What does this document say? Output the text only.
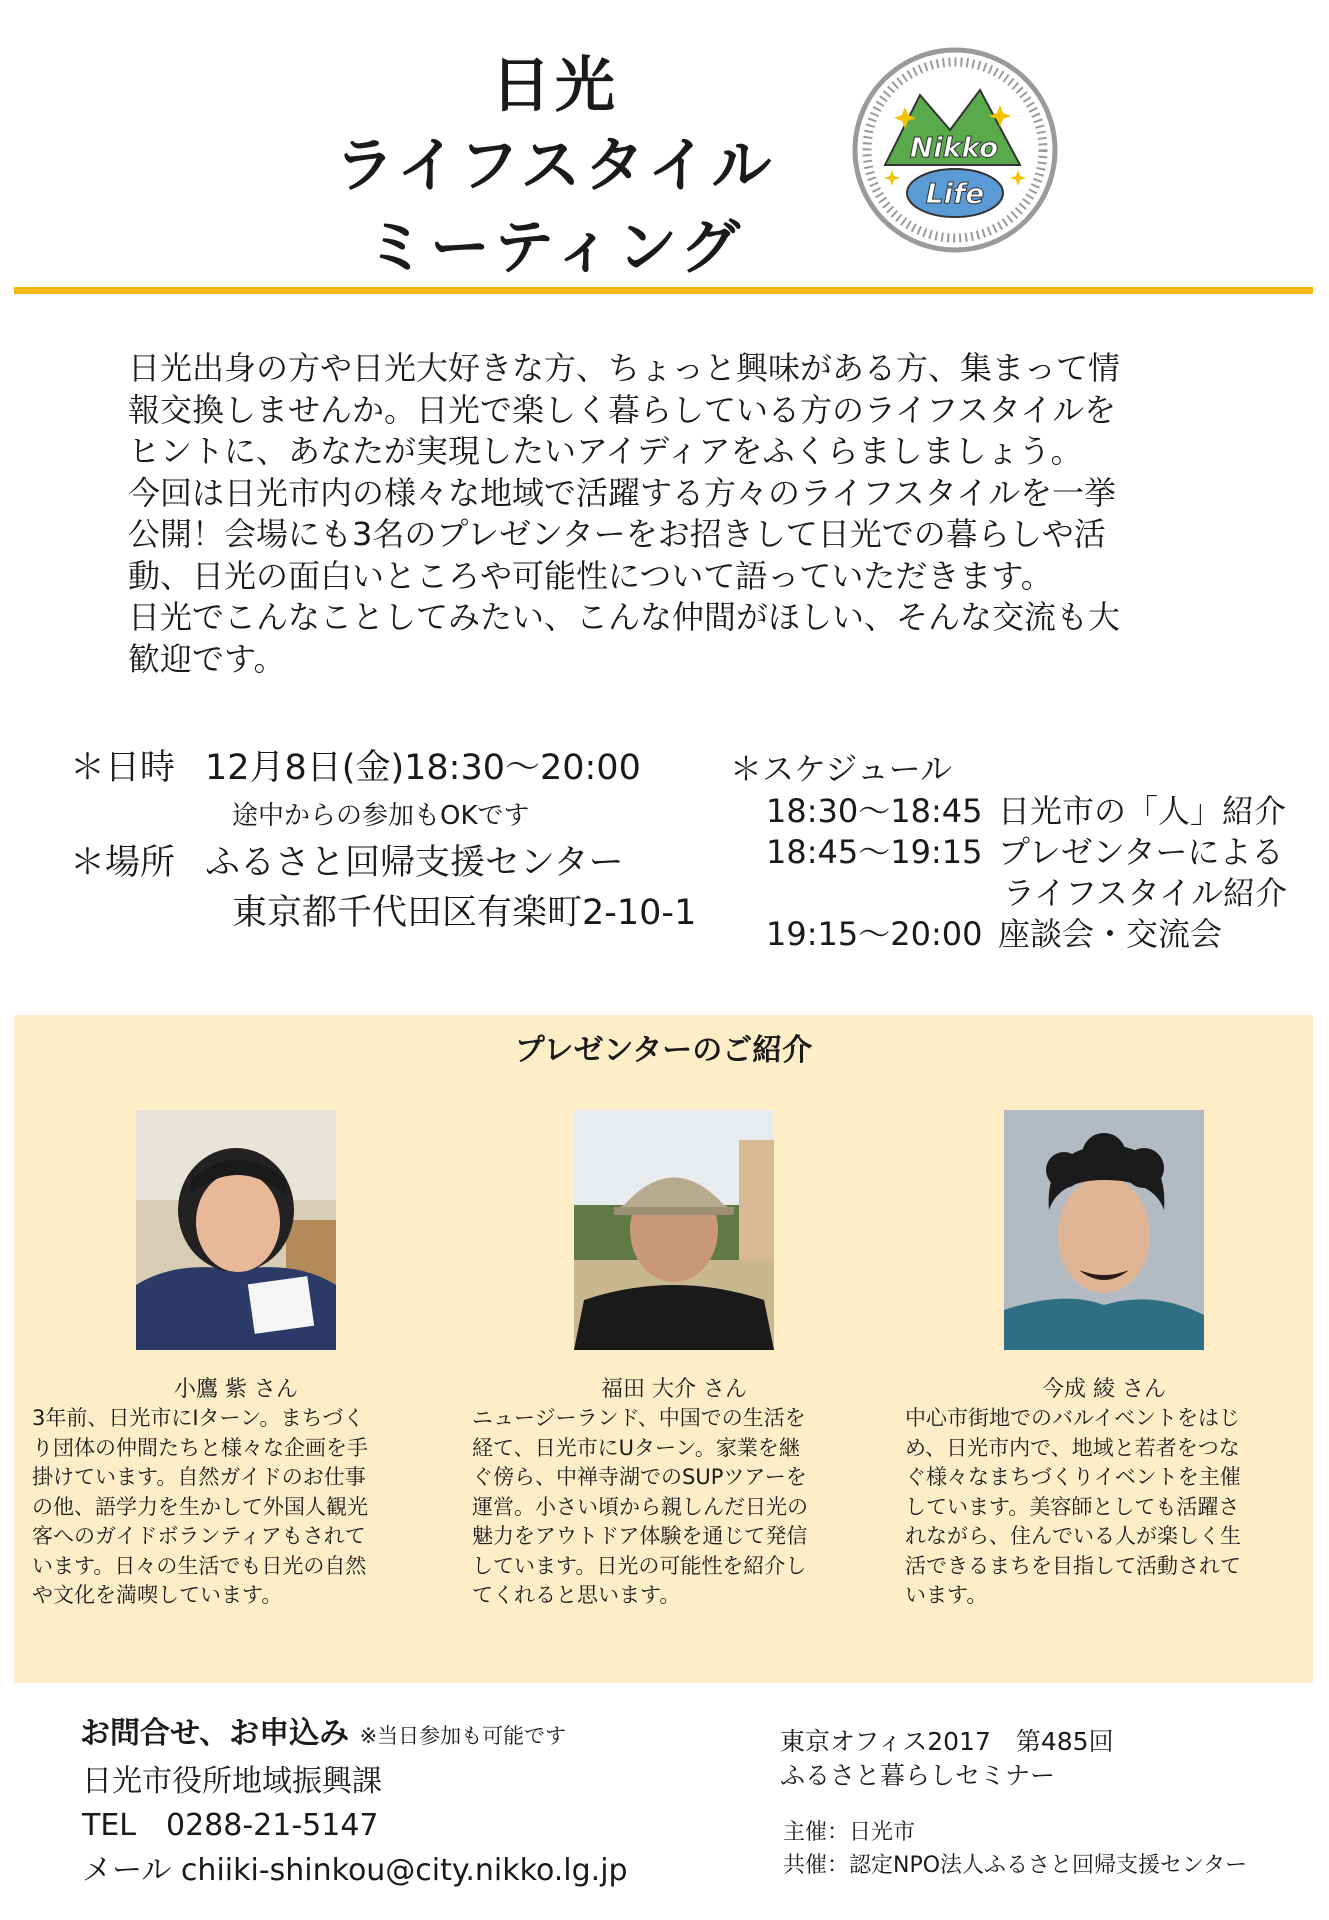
日光
ライフスタイル
ミーティング
Nikko
Life
日光出身の方や日光大好きな方、ちょっと興味がある方、集まって情
報交換しませんか。日光で楽しく暮らしている方のライフスタイルを
ヒントに、あなたが実現したいアイディアをふくらましましょう。
今回は日光市内の様々な地域で活躍する方々のライフスタイルを一挙
公開！会場にも3名のプレゼンターをお招きして日光での暮らしや活
動、日光の面白いところや可能性について語っていただきます。
日光でこんなことしてみたい、こんな仲間がほしい、そんな交流も大
歓迎です。
＊日時 12月8日(金)18:30～20:00
途中からの参加もOKです
＊場所 ふるさと回帰支援センター
東京都千代田区有楽町2-10-1
＊スケジュール
18:30～18:45 日光市の「人」紹介
18:45～19:15 プレゼンターによる
ライフスタイル紹介
19:15～20:00 座談会・交流会
プレゼンターのご紹介
小鷹 紫 さん	福田 大介 さん	今成 綾 さん
3年前、日光市にIターン。まちづく
り団体の仲間たちと様々な企画を手
掛けています。自然ガイドのお仕事
の他、語学力を生かして外国人観光
客へのガイドボランティアもされて
います。日々の生活でも日光の自然
や文化を満喫しています。
ニュージーランド、中国での生活を
経て、日光市にUターン。家業を継
ぐ傍ら、中禅寺湖でのSUPツアーを
運営。小さい頃から親しんだ日光の
魅力をアウトドア体験を通じて発信
しています。日光の可能性を紹介し
てくれると思います。
中心市街地でのバルイベントをはじ
め、日光市内で、地域と若者をつな
ぐ様々なまちづくりイベントを主催
しています。美容師としても活躍さ
れながら、住んでいる人が楽しく生
活できるまちを目指して活動されて
います。
お問合せ、お申込み ※当日参加も可能です
日光市役所地域振興課
TEL　0288-21-5147
メール chiiki-shinkou@city.nikko.lg.jp
東京オフィス2017　第485回
ふるさと暮らしセミナー
主催：日光市
共催：認定NPO法人ふるさと回帰支援センター
